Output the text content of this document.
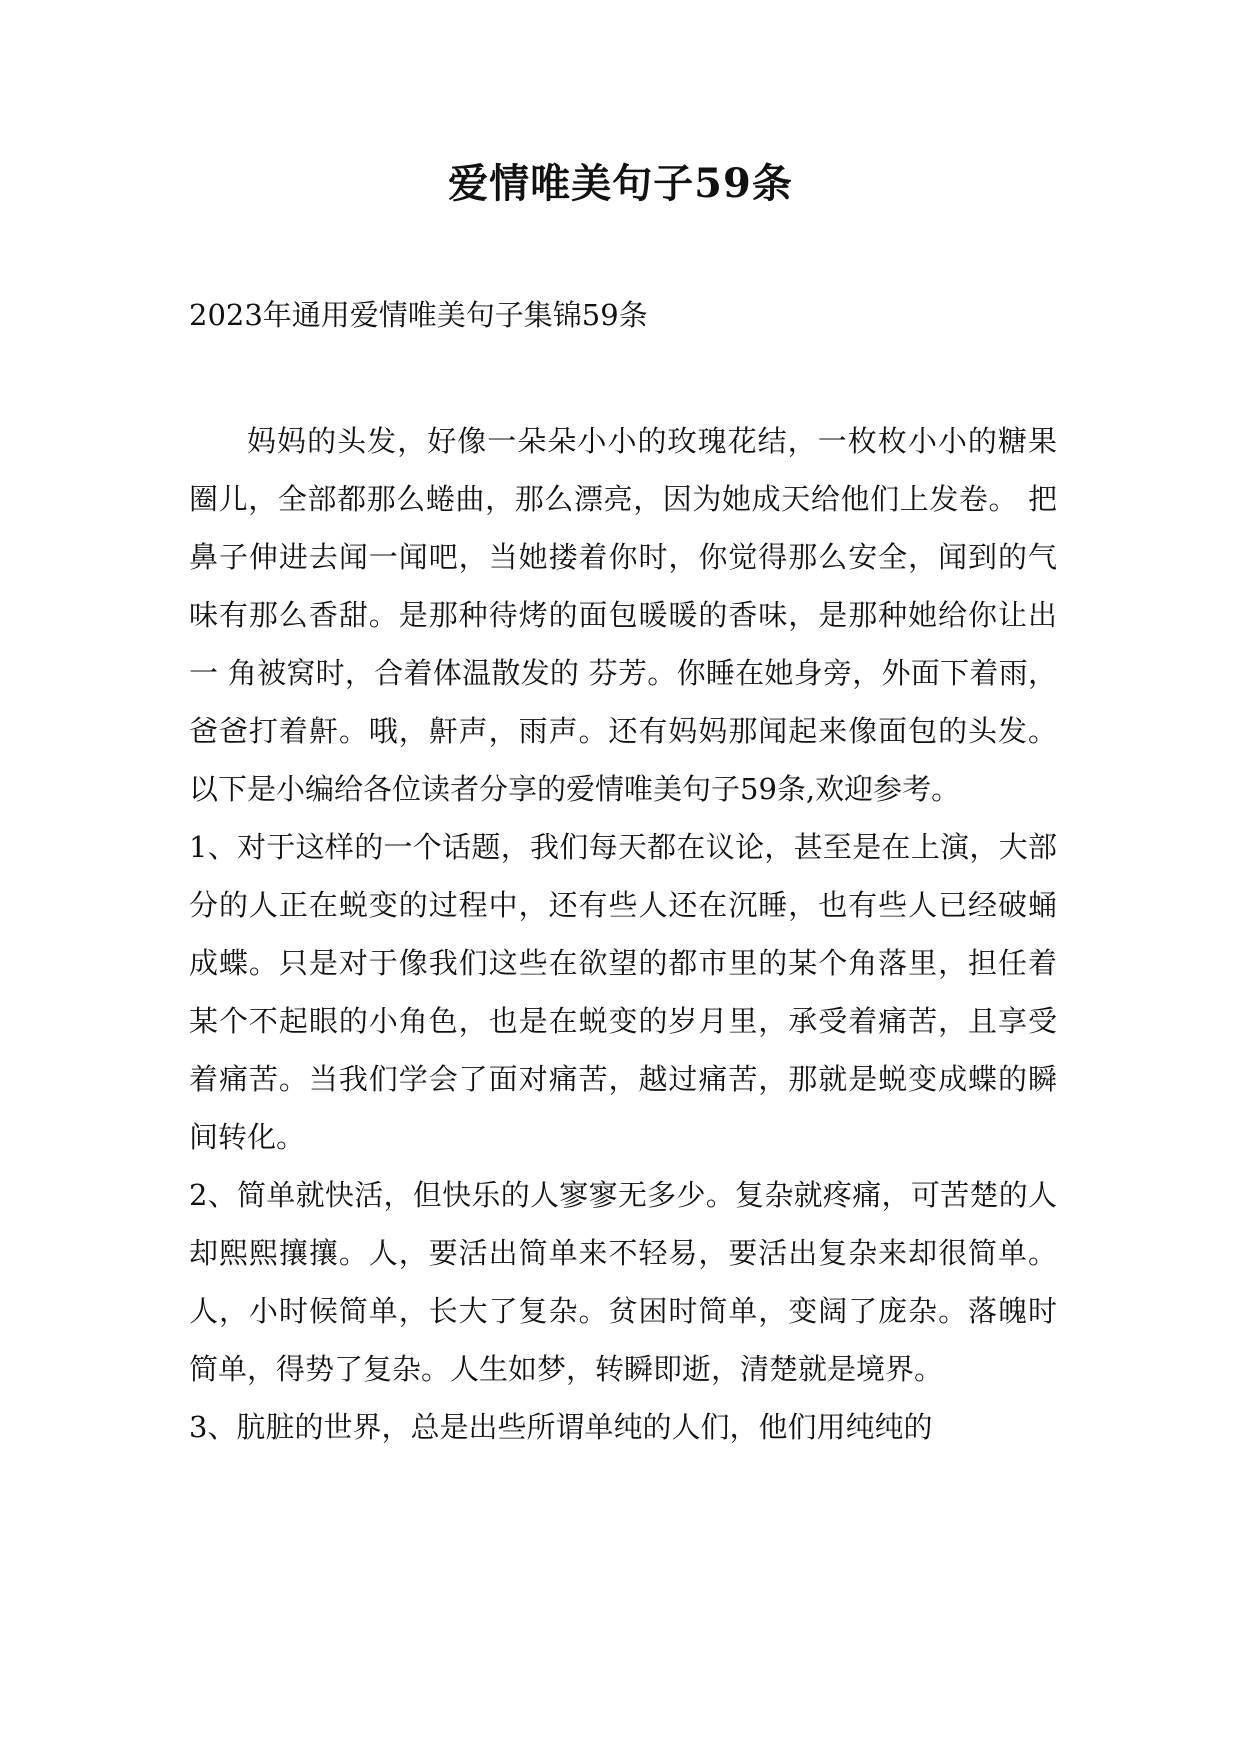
爱情唯美句子59条
2023年通用爱情唯美句子集锦59条

妈妈的头发，好像一朵朵小小的玫瑰花结，一枚枚小小的糖果圈儿，全部都那么蜷曲，那么漂亮，因为她成天给他们上发卷。 把鼻子伸进去闻一闻吧，当她搂着你时，你觉得那么安全，闻到的气味有那么香甜。是那种待烤的面包暖暖的香味，是那种她给你让出一 角被窝时，合着体温散发的 芬芳。你睡在她身旁，外面下着雨，爸爸打着鼾。哦，鼾声，雨声。还有妈妈那闻起来像面包的头发。以下是小编给各位读者分享的爱情唯美句子59条,欢迎参考。

1、对于这样的一个话题，我们每天都在议论，甚至是在上演，大部分的人正在蜕变的过程中，还有些人还在沉睡，也有些人已经破蛹成蝶。只是对于像我们这些在欲望的都市里的某个角落里，担任着某个不起眼的小角色，也是在蜕变的岁月里，承受着痛苦，且享受着痛苦。当我们学会了面对痛苦，越过痛苦，那就是蜕变成蝶的瞬间转化。

2、简单就快活，但快乐的人寥寥无多少。复杂就疼痛，可苦楚的人却熙熙攘攘。人，要活出简单来不轻易，要活出复杂来却很简单。人，小时候简单，长大了复杂。贫困时简单，变阔了庞杂。落魄时简单，得势了复杂。人生如梦，转瞬即逝，清楚就是境界。

3、肮脏的世界，总是出些所谓单纯的人们，他们用纯纯的
